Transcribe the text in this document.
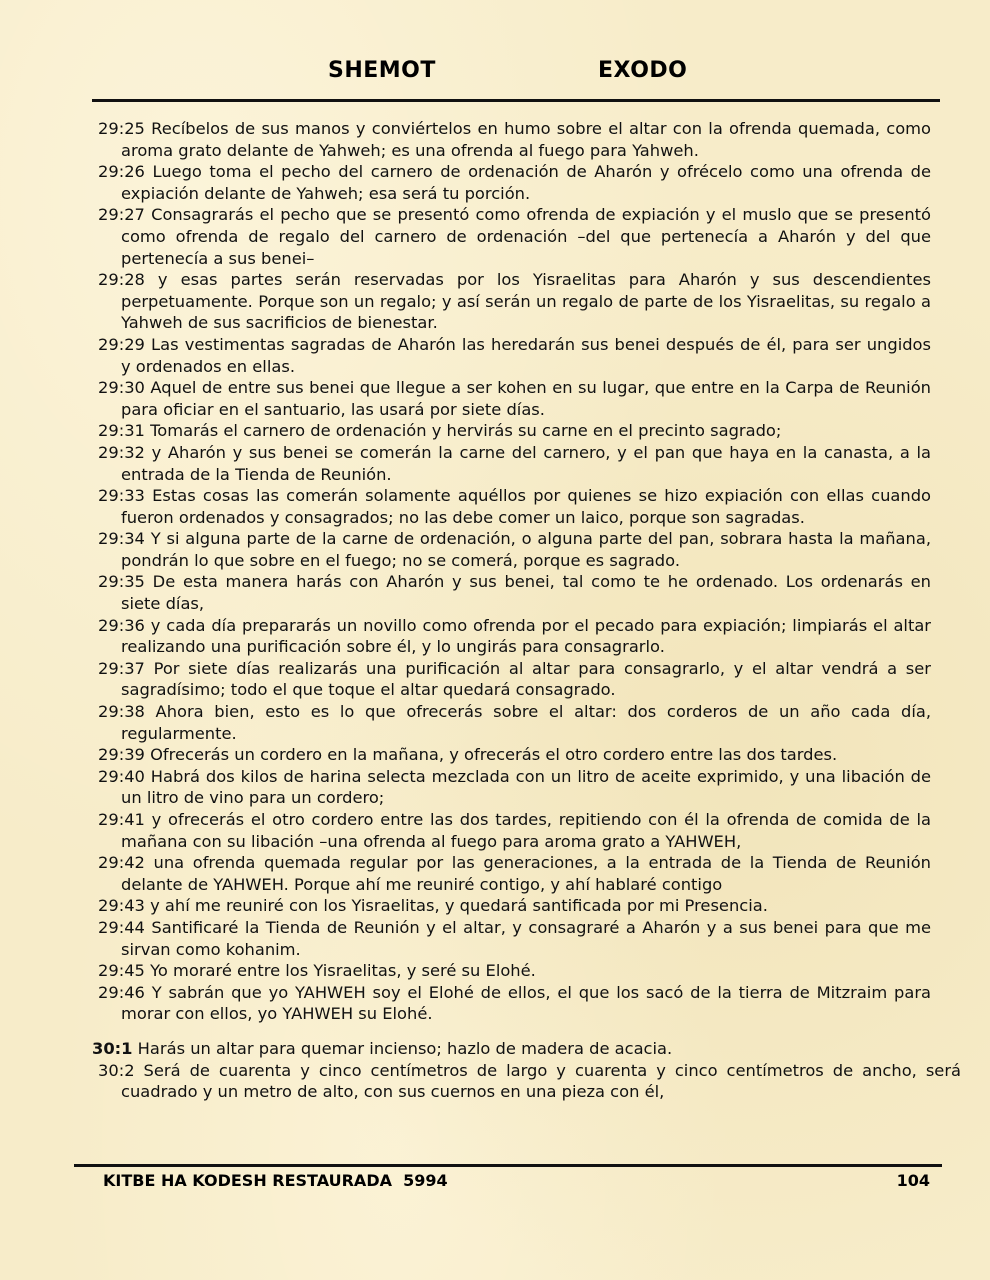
SHEMOT	EXODO

29:25 Recíbelos de sus manos y conviértelos en humo sobre el altar con la ofrenda quemada, como aroma grato delante de Yahweh; es una ofrenda al fuego para Yahweh.

29:26 Luego toma el pecho del carnero de ordenación de Aharón y ofrécelo como una ofrenda de expiación delante de Yahweh; esa será tu porción.

29:27 Consagrarás el pecho que se presentó como ofrenda de expiación y el muslo que se presentó como ofrenda de regalo del carnero de ordenación –del que pertenecía a Aharón y del que pertenecía a sus benei–

29:28 y esas partes serán reservadas por los Yisraelitas para Aharón y sus descendientes perpetuamente. Porque son un regalo; y así serán un regalo de parte de los Yisraelitas, su regalo a Yahweh de sus sacrificios de bienestar.

29:29 Las vestimentas sagradas de Aharón las heredarán sus benei después de él, para ser ungidos y ordenados en ellas.

29:30 Aquel de entre sus benei que llegue a ser kohen en su lugar, que entre en la Carpa de Reunión para oficiar en el santuario, las usará por siete días.

29:31 Tomarás el carnero de ordenación y hervirás su carne en el precinto sagrado;

29:32 y Aharón y sus benei se comerán la carne del carnero, y el pan que haya en la canasta, a la entrada de la Tienda de Reunión.

29:33 Estas cosas las comerán solamente aquéllos por quienes se hizo expiación con ellas cuando fueron ordenados y consagrados; no las debe comer un laico, porque son sagradas.

29:34 Y si alguna parte de la carne de ordenación, o alguna parte del pan, sobrara hasta la mañana, pondrán lo que sobre en el fuego; no se comerá, porque es sagrado.

29:35 De esta manera harás con Aharón y sus benei, tal como te he ordenado. Los ordenarás en siete días,

29:36 y cada día prepararás un novillo como ofrenda por el pecado para expiación; limpiarás el altar realizando una purificación sobre él, y lo ungirás para consagrarlo.

29:37 Por siete días realizarás una purificación al altar para consagrarlo, y el altar vendrá a ser sagradísimo; todo el que toque el altar quedará consagrado.

29:38 Ahora bien, esto es lo que ofrecerás sobre el altar: dos corderos de un año cada día, regularmente.

29:39 Ofrecerás un cordero en la mañana, y ofrecerás el otro cordero entre las dos tardes.

29:40 Habrá dos kilos de harina selecta mezclada con un litro de aceite exprimido, y una libación de un litro de vino para un cordero;

29:41 y ofrecerás el otro cordero entre las dos tardes, repitiendo con él la ofrenda de comida de la mañana con su libación –una ofrenda al fuego para aroma grato a YAHWEH,

29:42 una ofrenda quemada regular por las generaciones, a la entrada de la Tienda de Reunión delante de YAHWEH. Porque ahí me reuniré contigo, y ahí hablaré contigo

29:43 y ahí me reuniré con los Yisraelitas, y quedará santificada por mi Presencia.

29:44 Santificaré la Tienda de Reunión y el altar, y consagraré a Aharón y a sus benei para que me sirvan como kohanim.

29:45 Yo moraré entre los Yisraelitas, y seré su Elohé.

29:46 Y sabrán que yo YAHWEH soy el Elohé de ellos, el que los sacó de la tierra de Mitzraim para morar con ellos, yo YAHWEH su Elohé.

30:1 Harás un altar para quemar incienso; hazlo de madera de acacia.

30:2 Será de cuarenta y cinco centímetros de largo y cuarenta y cinco centímetros de ancho, será cuadrado y un metro de alto, con sus cuernos en una pieza con él,

KITBE HA KODESH RESTAURADA  5994	104
